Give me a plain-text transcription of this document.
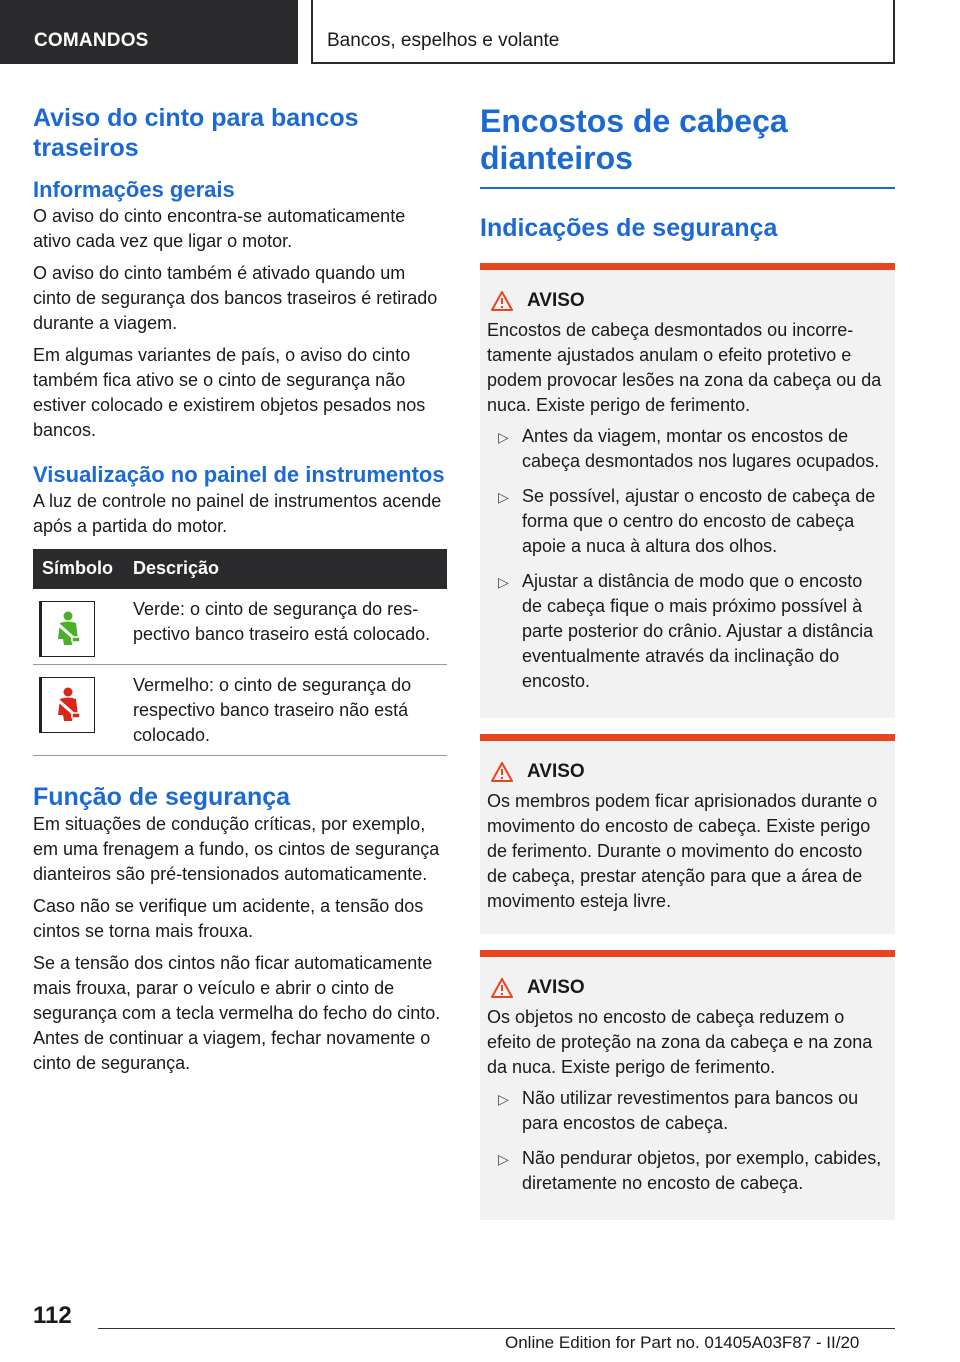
COMANDOS	Bancos, espelhos e volante
Aviso do cinto para bancos traseiros
Informações gerais
O aviso do cinto encontra-se automaticamente ativo cada vez que ligar o motor.
O aviso do cinto também é ativado quando um cinto de segurança dos bancos traseiros é retirado durante a viagem.
Em algumas variantes de país, o aviso do cinto também fica ativo se o cinto de segurança não estiver colocado e existirem objetos pesados nos bancos.
Visualização no painel de instrumentos
A luz de controle no painel de instrumentos acende após a partida do motor.
Símbolo	Descrição
Verde: o cinto de segurança do respectivo banco traseiro está colocado.
Vermelho: o cinto de segurança do respectivo banco traseiro não está colocado.
Função de segurança
Em situações de condução críticas, por exemplo, em uma frenagem a fundo, os cintos de segurança dianteiros são pré-tensionados automaticamente.
Caso não se verifique um acidente, a tensão dos cintos se torna mais frouxa.
Se a tensão dos cintos não ficar automaticamente mais frouxa, parar o veículo e abrir o cinto de segurança com a tecla vermelha do fecho do cinto. Antes de continuar a viagem, fechar novamente o cinto de segurança.
Encostos de cabeça dianteiros
Indicações de segurança
AVISO
Encostos de cabeça desmontados ou incorretamente ajustados anulam o efeito protetivo e podem provocar lesões na zona da cabeça ou da nuca. Existe perigo de ferimento.
▷ Antes da viagem, montar os encostos de cabeça desmontados nos lugares ocupados.
▷ Se possível, ajustar o encosto de cabeça de forma que o centro do encosto de cabeça apoie a nuca à altura dos olhos.
▷ Ajustar a distância de modo que o encosto de cabeça fique o mais próximo possível à parte posterior do crânio. Ajustar a distância eventualmente através da inclinação do encosto.
AVISO
Os membros podem ficar aprisionados durante o movimento do encosto de cabeça. Existe perigo de ferimento. Durante o movimento do encosto de cabeça, prestar atenção para que a área de movimento esteja livre.
AVISO
Os objetos no encosto de cabeça reduzem o efeito de proteção na zona da cabeça e na zona da nuca. Existe perigo de ferimento.
▷ Não utilizar revestimentos para bancos ou para encostos de cabeça.
▷ Não pendurar objetos, por exemplo, cabides, diretamente no encosto de cabeça.
112
Online Edition for Part no. 01405A03F87 - II/20
